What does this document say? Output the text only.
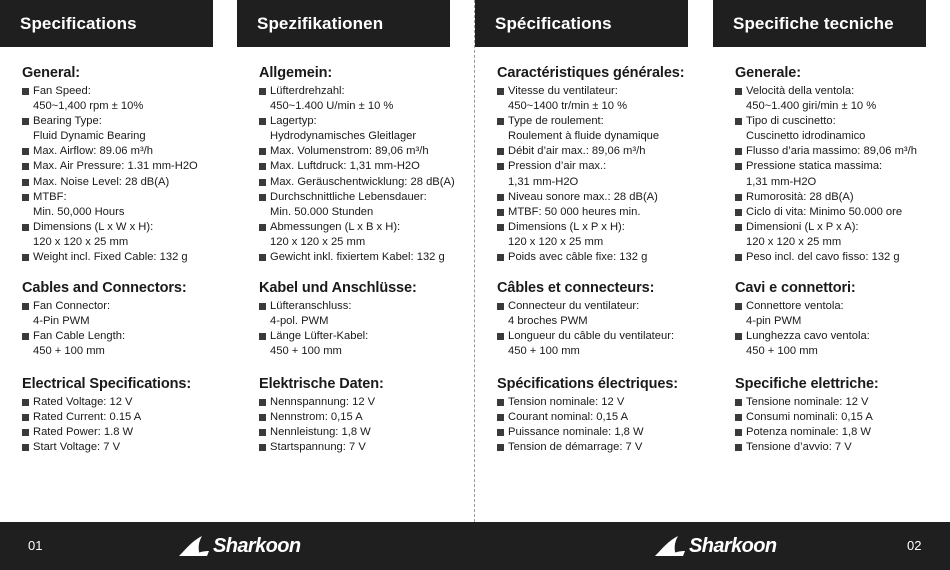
Specifications
General:
Fan Speed:
450~1,400 rpm ± 10%
Bearing Type:
Fluid Dynamic Bearing
Max. Airflow: 89.06 m³/h
Max. Air Pressure: 1.31 mm-H2O
Max. Noise Level: 28 dB(A)
MTBF:
Min. 50,000 Hours
Dimensions (L x W x H):
120 x 120 x 25 mm
Weight incl. Fixed Cable: 132 g
Cables and Connectors:
Fan Connector:
4-Pin PWM
Fan Cable Length:
450 + 100 mm
Electrical Specifications:
Rated Voltage: 12 V
Rated Current: 0.15 A
Rated Power: 1.8 W
Start Voltage: 7 V
Spezifikationen
Allgemein:
Lüfterdrehzahl:
450~1.400 U/min ± 10 %
Lagertyp:
Hydrodynamisches Gleitlager
Max. Volumenstrom: 89,06 m³/h
Max. Luftdruck: 1,31 mm-H2O
Max. Geräuschentwicklung: 28 dB(A)
Durchschnittliche Lebensdauer:
Min. 50.000 Stunden
Abmessungen (L x B x H):
120 x 120 x 25 mm
Gewicht inkl. fixiertem Kabel: 132 g
Kabel und Anschlüsse:
Lüfteranschluss:
4-pol. PWM
Länge Lüfter-Kabel:
450 + 100 mm
Elektrische Daten:
Nennspannung: 12 V
Nennstrom: 0,15 A
Nennleistung: 1,8 W
Startspannung: 7 V
Spécifications
Caractéristiques générales:
Vitesse du ventilateur:
450~1400 tr/min ± 10 %
Type de roulement:
Roulement à fluide dynamique
Débit d’air max.: 89,06 m³/h
Pression d’air max.:
1,31 mm-H2O
Niveau sonore max.: 28 dB(A)
MTBF: 50 000 heures min.
Dimensions (L x P x H):
120 x 120 x 25 mm
Poids avec câble fixe: 132 g
Câbles et connecteurs:
Connecteur du ventilateur:
4 broches PWM
Longueur du câble du ventilateur:
450 + 100 mm
Spécifications électriques:
Tension nominale: 12 V
Courant nominal: 0,15 A
Puissance nominale: 1,8 W
Tension de démarrage: 7 V
Specifiche tecniche
Generale:
Velocità della ventola:
450~1.400 giri/min ± 10 %
Tipo di cuscinetto:
Cuscinetto idrodinamico
Flusso d’aria massimo: 89,06 m³/h
Pressione statica massima:
1,31 mm-H2O
Rumorosità: 28 dB(A)
Ciclo di vita: Minimo 50.000 ore
Dimensioni (L x P x A):
120 x 120 x 25 mm
Peso incl. del cavo fisso: 132 g
Cavi e connettori:
Connettore ventola:
4-pin PWM
Lunghezza cavo ventola:
450 + 100 mm
Specifiche elettriche:
Tensione nominale: 12 V
Consumi nominali: 0,15 A
Potenza nominale: 1,8 W
Tensione d’avvio: 7 V
01	Sharkoon	Sharkoon	02
